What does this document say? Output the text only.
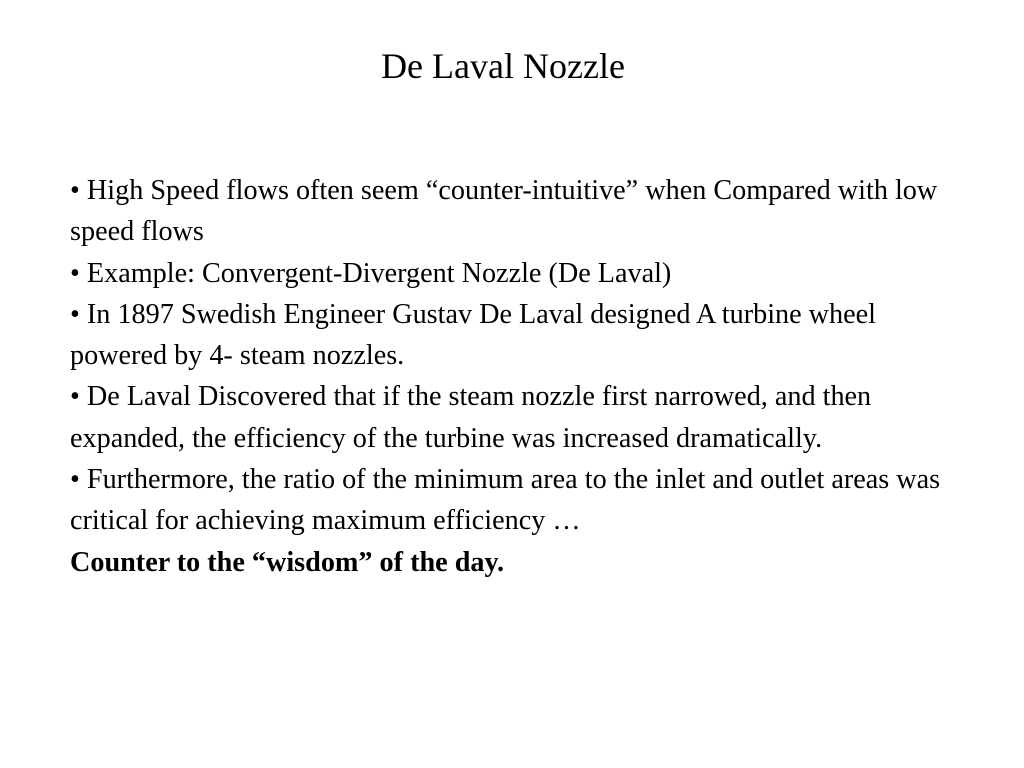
De Laval Nozzle

• High Speed flows often seem “counter-intuitive” when Compared with low speed flows

• Example: Convergent-Divergent Nozzle (De Laval)

• In 1897 Swedish Engineer Gustav De Laval designed A turbine wheel powered by 4- steam nozzles.

• De Laval Discovered that if the steam nozzle first narrowed, and then expanded, the efficiency of the turbine was increased dramatically.

• Furthermore, the ratio of the minimum area to the inlet and outlet areas was critical for achieving maximum efficiency …

Counter to the “wisdom” of the day.
